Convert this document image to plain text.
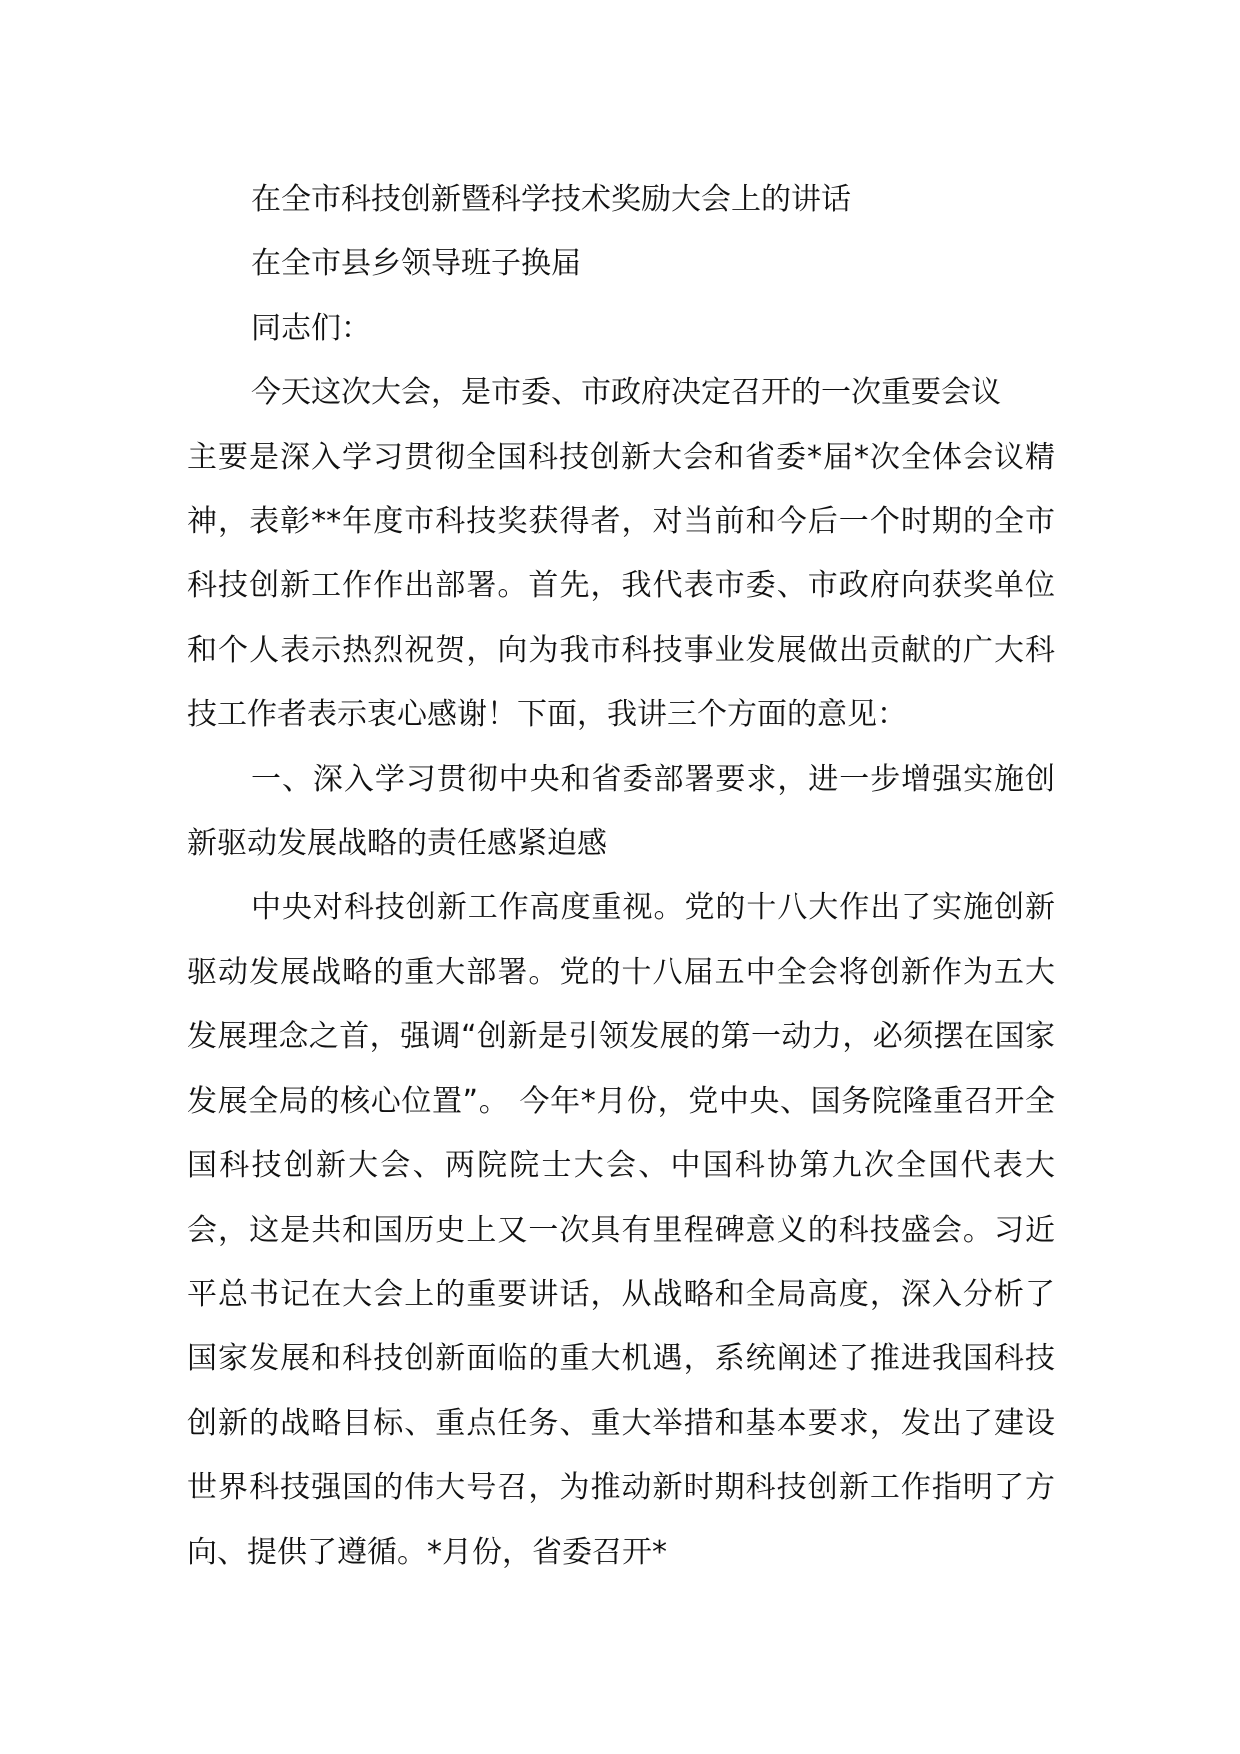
在全市科技创新暨科学技术奖励大会上的讲话

在全市县乡领导班子换届

同志们：

今天这次大会，是市委、市政府决定召开的一次重要会议
主要是深入学习贯彻全国科技创新大会和省委*届*次全体会议精神，表彰**年度市科技奖获得者，对当前和今后一个时期的全市科技创新工作作出部署。首先，我代表市委、市政府向获奖单位和个人表示热烈祝贺，向为我市科技事业发展做出贡献的广大科技工作者表示衷心感谢！下面，我讲三个方面的意见：

一、深入学习贯彻中央和省委部署要求，进一步增强实施创新驱动发展战略的责任感紧迫感

中央对科技创新工作高度重视。党的十八大作出了实施创新驱动发展战略的重大部署。党的十八届五中全会将创新作为五大发展理念之首，强调“创新是引领发展的第一动力，必须摆在国家发展全局的核心位置”。 今年*月份，党中央、国务院隆重召开全国科技创新大会、两院院士大会、中国科协第九次全国代表大会，这是共和国历史上又一次具有里程碑意义的科技盛会。习近平总书记在大会上的重要讲话，从战略和全局高度，深入分析了国家发展和科技创新面临的重大机遇，系统阐述了推进我国科技创新的战略目标、重点任务、重大举措和基本要求，发出了建设世界科技强国的伟大号召，为推动新时期科技创新工作指明了方向、提供了遵循。*月份，省委召开*
